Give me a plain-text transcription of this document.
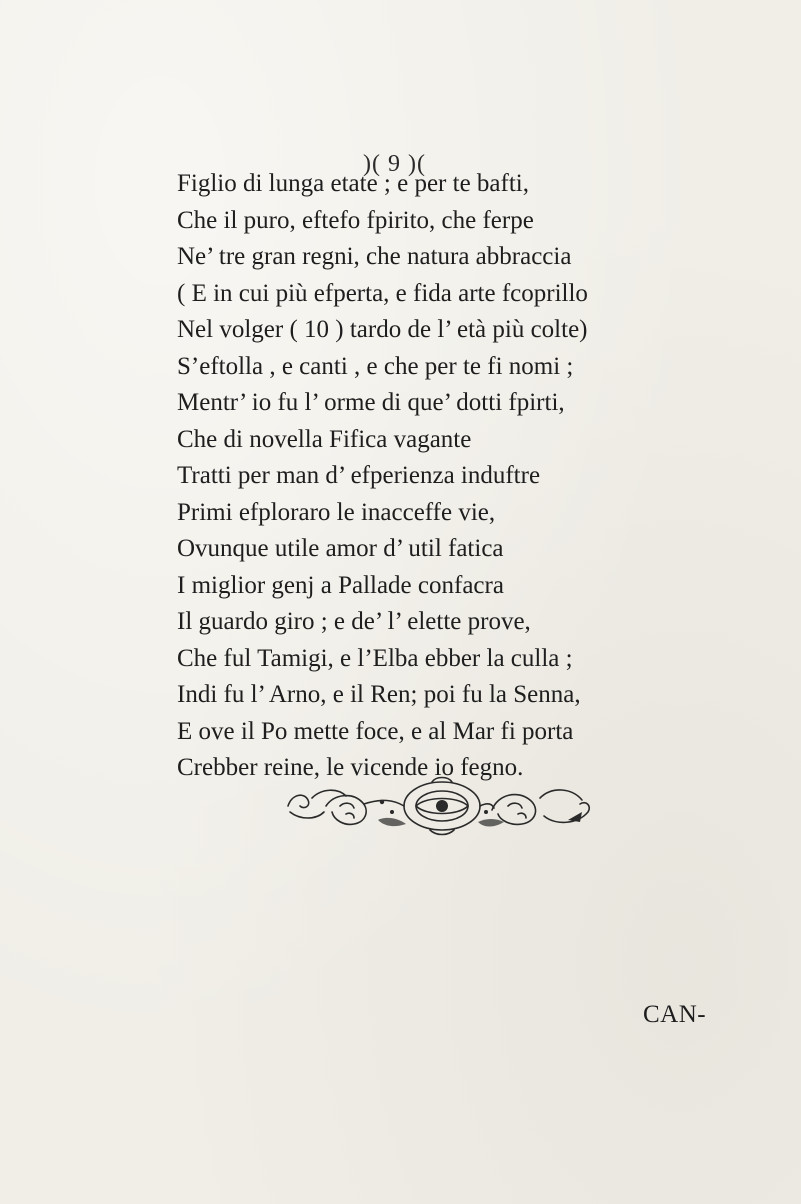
)( 9 )(
Figlio di lunga etate ; e per te bafti,
Che il puro, eftefo fpirito, che ferpe
Ne’ tre gran regni, che natura abbraccia
( E in cui più efperta, e fida arte fcoprillo
Nel volger ( 10 ) tardo de l’ età più colte)
S’eftolla , e canti , e che per te fi nomi ;
Mentr’ io fu l’ orme di que’ dotti fpirti,
Che di novella Fifica vagante
Tratti per man d’ efperienza induftre
Primi efploraro le inacceffe vie,
Ovunque utile amor d’ util fatica
I miglior genj a Pallade confacra
Il guardo giro ; e de’ l’ elette prove,
Che ful Tamigi, e l’Elba ebber la culla ;
Indi fu l’ Arno, e il Ren; poi fu la Senna,
E ove il Po mette foce, e al Mar fi porta
Crebber reine, le vicende io fegno.
CAN-
